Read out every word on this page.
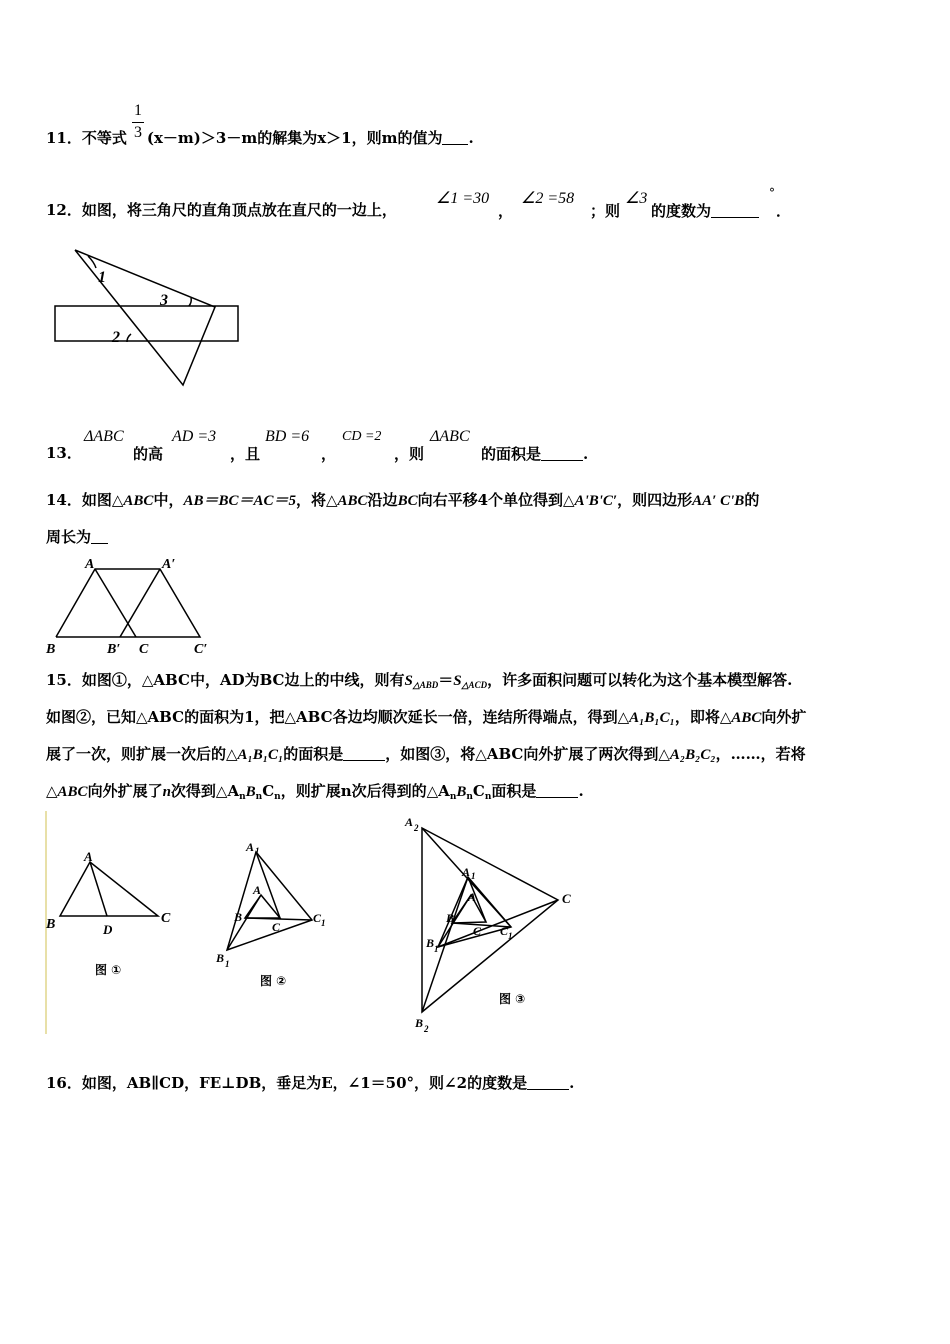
1
3
11．不等式 (x－m)＞3－m的解集为x＞1，则m的值为 .
12．如图，将三角尺的直角顶点放在直尺的一边上，
∠1 =30
，
∠2 =58
；则
∠3
的度数为
°
．
1
2
3
13．
ΔABC
的高
AD =3
，且
BD =6
，
CD =2
，则
ΔABC
的面积是	.
14．如图△ABC中，AB＝BC＝AC＝5，将△ABC沿边BC向右平移4个单位得到△A'B'C′，则四边形AA′ C'B的
周长为
A	A′
B	B′ C	C′
15．如图①，△ABC中，AD为BC边上的中线，则有$S_{\triangle ABD}=S_{\triangle ACD}$，许多面积问题可以转化为这个基本模型解答.
如图②，已知△ABC的面积为1，把△ABC各边均顺次延长一倍，连结所得端点，得到△A₁B₁C₁，即将△ABC向外扩
展了一次，则扩展一次后的△A₁B₁C₁的面积是	，如图③，将△ABC向外扩展了两次得到△A₂B₂C₂，……，若将
△ABC向外扩展了n次得到$\triangle A_nB_nC_n$，则扩展n次后得到的$\triangle A_nB_nC_n$面积是	.
A
B	C
D
图 ①
A 1
A
B
C
C 1
B 1
图 ②
A 2
A 1
A
B
C C 1
B 1
C
B 2
图 ③
16．如图，AB∥CD，FE⊥DB，垂足为E，∠1＝50°，则∠2的度数是	.
